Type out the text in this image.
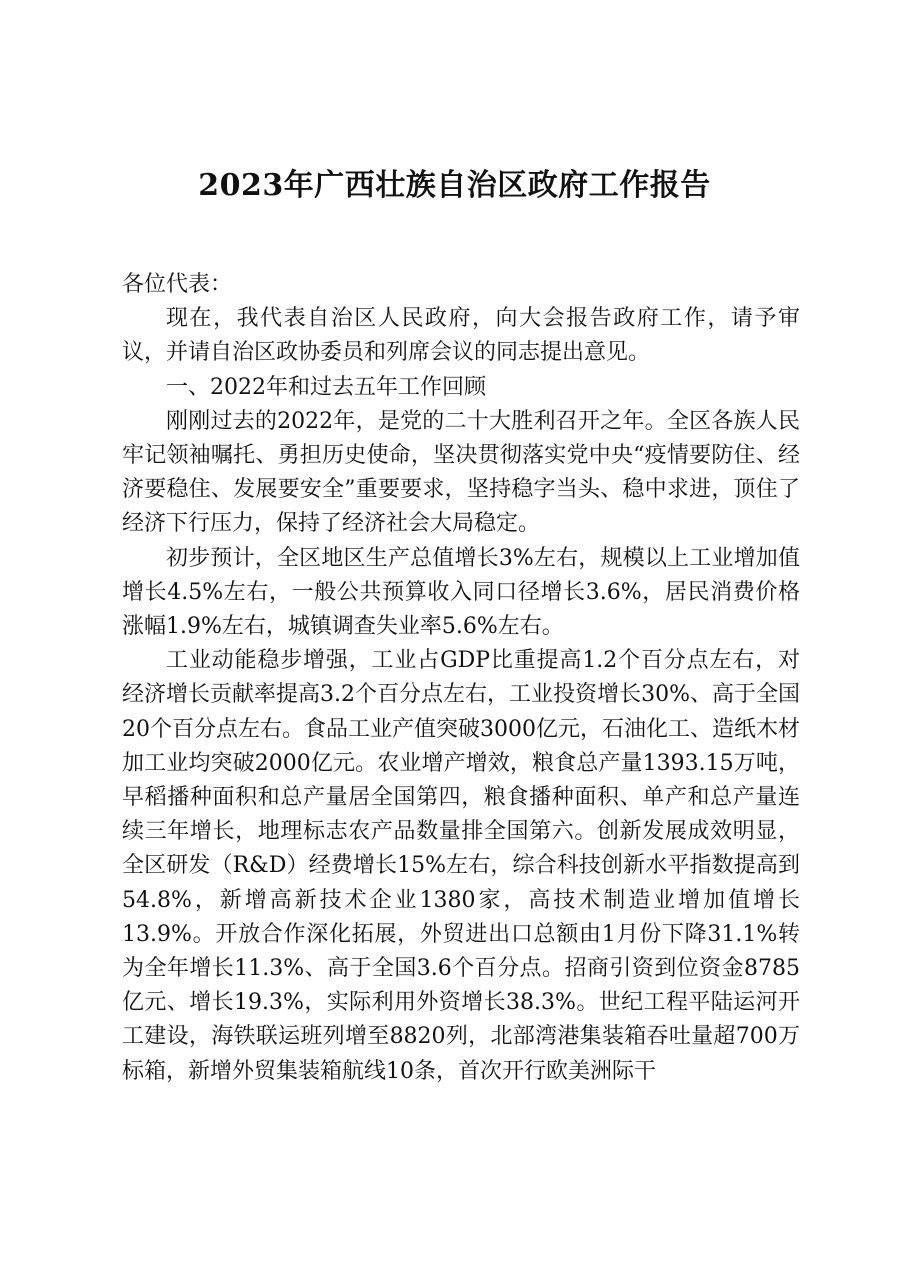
2023年广西壮族自治区政府工作报告

各位代表：

现在，我代表自治区人民政府，向大会报告政府工作，请予审议，并请自治区政协委员和列席会议的同志提出意见。

一、2022年和过去五年工作回顾

刚刚过去的2022年，是党的二十大胜利召开之年。全区各族人民牢记领袖嘱托、勇担历史使命，坚决贯彻落实党中央“疫情要防住、经济要稳住、发展要安全”重要要求，坚持稳字当头、稳中求进，顶住了经济下行压力，保持了经济社会大局稳定。

初步预计，全区地区生产总值增长3%左右，规模以上工业增加值增长4.5%左右，一般公共预算收入同口径增长3.6%，居民消费价格涨幅1.9%左右，城镇调查失业率5.6%左右。

工业动能稳步增强，工业占GDP比重提高1.2个百分点左右，对经济增长贡献率提高3.2个百分点左右，工业投资增长30%、高于全国20个百分点左右。食品工业产值突破3000亿元，石油化工、造纸木材加工业均突破2000亿元。农业增产增效，粮食总产量1393.15万吨，早稻播种面积和总产量居全国第四，粮食播种面积、单产和总产量连续三年增长，地理标志农产品数量排全国第六。创新发展成效明显，全区研发（R&D）经费增长15%左右，综合科技创新水平指数提高到54.8%，新增高新技术企业1380家，高技术制造业增加值增长13.9%。开放合作深化拓展，外贸进出口总额由1月份下降31.1%转为全年增长11.3%、高于全国3.6个百分点。招商引资到位资金8785亿元、增长19.3%，实际利用外资增长38.3%。世纪工程平陆运河开工建设，海铁联运班列增至8820列，北部湾港集装箱吞吐量超700万标箱，新增外贸集装箱航线10条，首次开行欧美洲际干
